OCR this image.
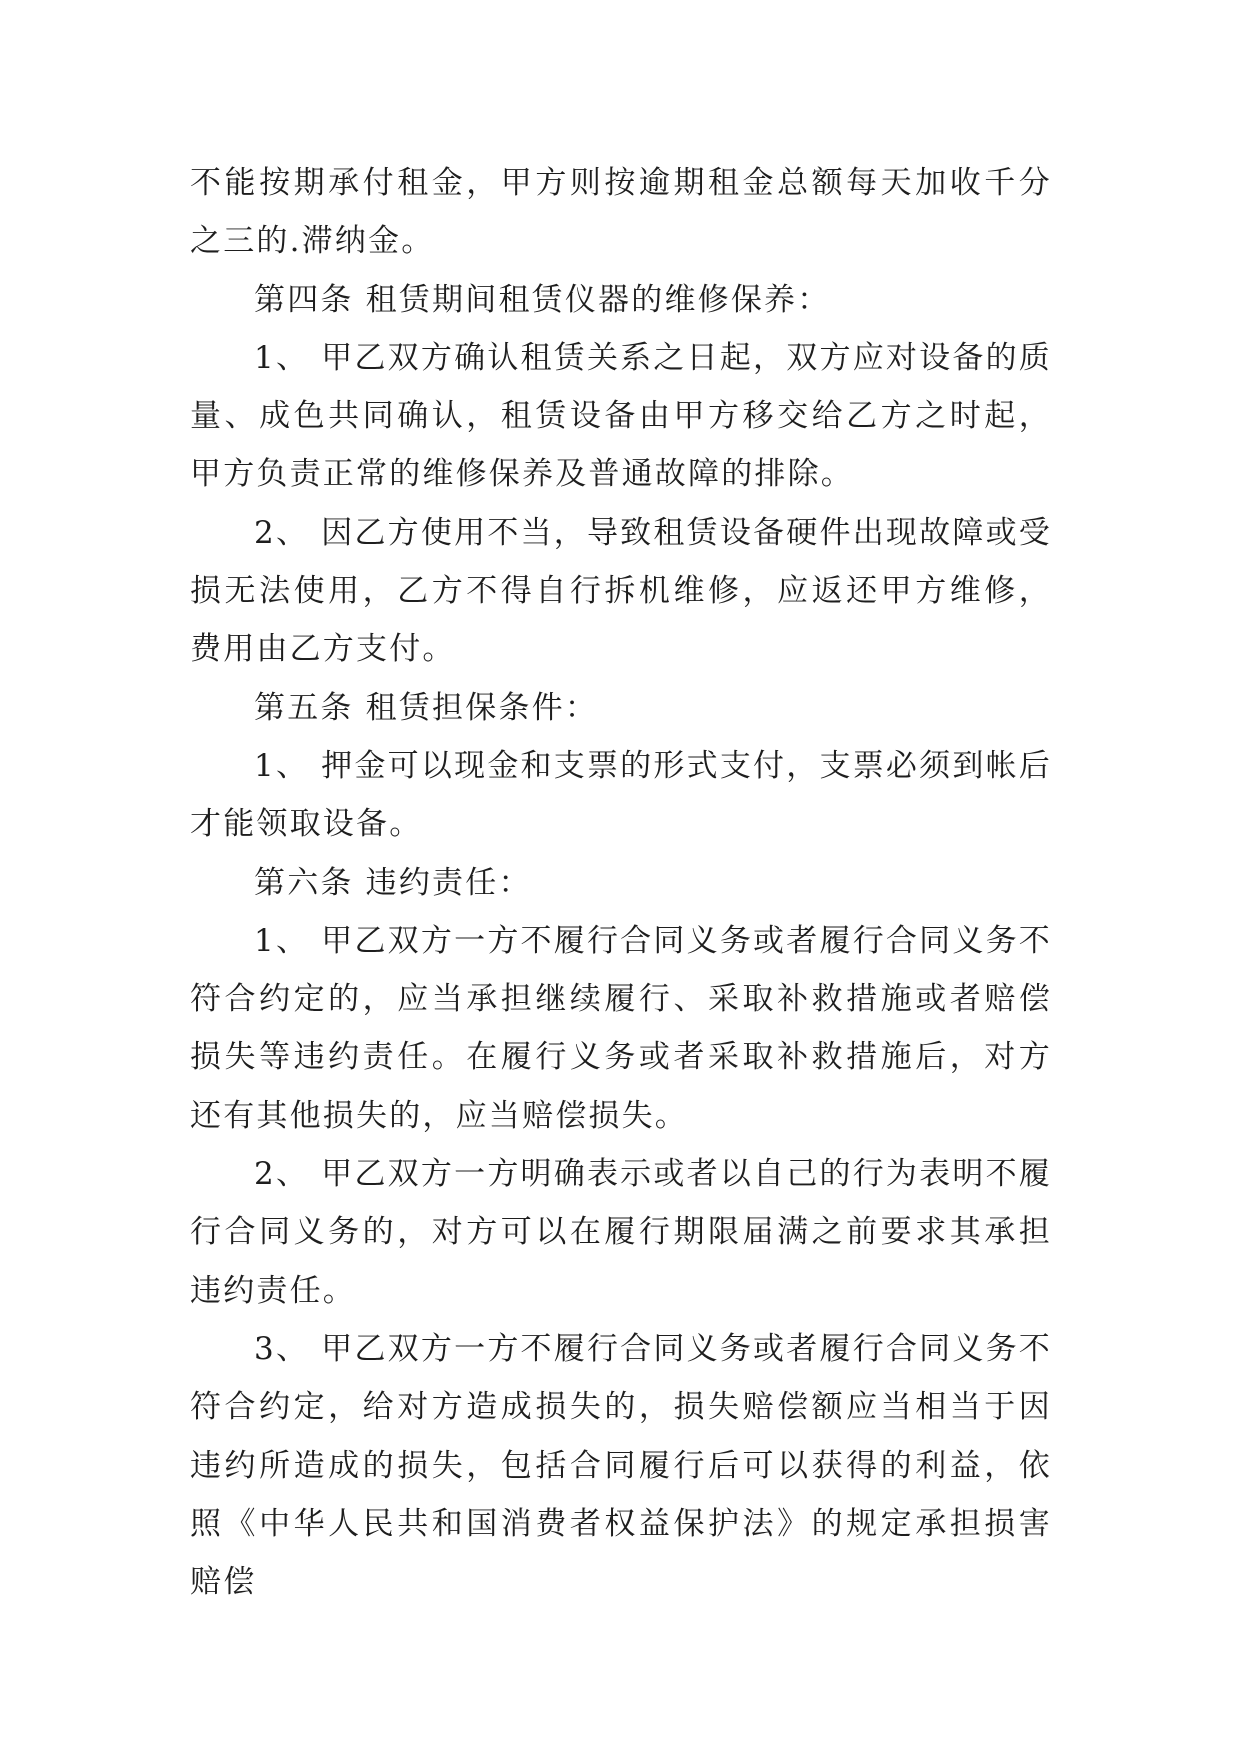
不能按期承付租金，甲方则按逾期租金总额每天加收千分之三的.滞纳金。

第四条 租赁期间租赁仪器的维修保养：

1、 甲乙双方确认租赁关系之日起，双方应对设备的质量、成色共同确认，租赁设备由甲方移交给乙方之时起，甲方负责正常的维修保养及普通故障的排除。

2、 因乙方使用不当，导致租赁设备硬件出现故障或受损无法使用，乙方不得自行拆机维修，应返还甲方维修，费用由乙方支付。

第五条 租赁担保条件：

1、 押金可以现金和支票的形式支付，支票必须到帐后才能领取设备。

第六条 违约责任：

1、 甲乙双方一方不履行合同义务或者履行合同义务不符合约定的，应当承担继续履行、采取补救措施或者赔偿损失等违约责任。在履行义务或者采取补救措施后，对方还有其他损失的，应当赔偿损失。

2、 甲乙双方一方明确表示或者以自己的行为表明不履行合同义务的，对方可以在履行期限届满之前要求其承担违约责任。

3、 甲乙双方一方不履行合同义务或者履行合同义务不符合约定，给对方造成损失的，损失赔偿额应当相当于因违约所造成的损失，包括合同履行后可以获得的利益，依照《中华人民共和国消费者权益保护法》的规定承担损害赔偿
